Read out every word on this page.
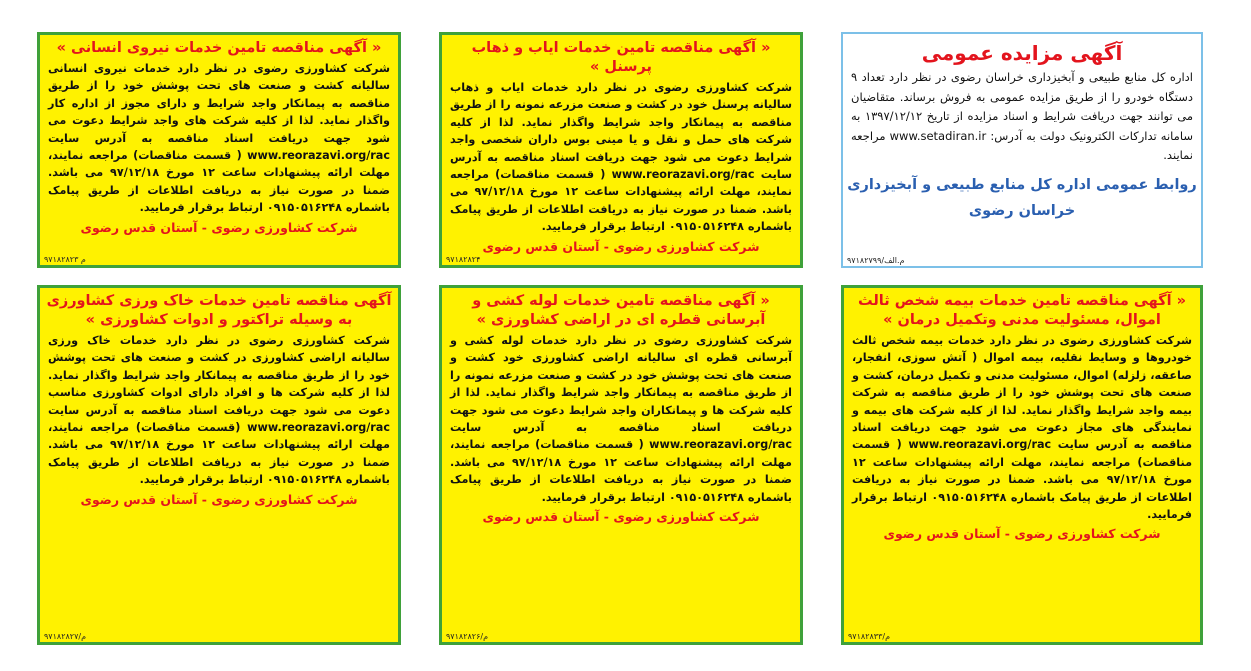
آگهی مزایده عمومی
اداره کل منابع طبیعی و آبخیزداری خراسان رضوی در نظر دارد تعداد ۹ دستگاه خودرو را از طریق مزایده عمومی به فروش برساند. متقاضیان می توانند جهت دریافت شرایط و اسناد مزایده از تاریخ ۱۳۹۷/۱۲/۱۲ به سامانه تدارکات الکترونیک دولت به آدرس: www.setadiran.ir مراجعه نمایند.
روابط عمومی اداره کل منابع طبیعی و آبخیزداری خراسان رضوی
۹۷۱۸۲۷۹۹/م.الف
« آگهی مناقصه تامین خدمات ایاب و ذهاب پرسنل »
شرکت کشاورزی رضوی در نظر دارد خدمات ایاب و ذهاب سالیانه پرسنل خود در کشت و صنعت مزرعه نمونه را از طریق مناقصه به پیمانکار واجد شرایط واگذار نماید. لذا از کلیه شرکت های حمل و نقل و یا مینی بوس داران شخصی واجد شرایط دعوت می شود جهت دریافت اسناد مناقصه به آدرس سایت www.reorazavi.org/rac ( قسمت مناقصات) مراجعه نمایند، مهلت ارائه پیشنهادات ساعت ۱۲ مورخ ۹۷/۱۲/۱۸ می باشد. ضمنا در صورت نیاز به دریافت اطلاعات از طریق پیامک باشماره ۰۹۱۵۰۵۱۶۲۴۸ ارتباط برقرار فرمایید.
شرکت کشاورزی رضوی - آستان قدس رضوی
۹۷۱۸۲۸۲۴
« آگهی مناقصه تامین خدمات نیروی انسانی »
شرکت کشاورزی رضوی در نظر دارد خدمات نیروی انسانی سالیانه کشت و صنعت های تحت پوشش خود را از طریق مناقصه به پیمانکار واجد شرایط و دارای مجوز از اداره کار واگذار نماید. لذا از کلیه شرکت های واجد شرایط دعوت می شود جهت دریافت اسناد مناقصه به آدرس سایت www.reorazavi.org/rac ( قسمت مناقصات) مراجعه نمایند، مهلت ارائه پیشنهادات ساعت ۱۲ مورخ ۹۷/۱۲/۱۸ می باشد. ضمنا در صورت نیاز به دریافت اطلاعات از طریق پیامک باشماره ۰۹۱۵۰۵۱۶۲۴۸ ارتباط برقرار فرمایید.
شرکت کشاورزی رضوی - آستان قدس رضوی
۹۷۱۸۲۸۲۳ م
« آگهی مناقصه تامین خدمات بیمه شخص ثالث اموال، مسئولیت مدنی وتکمیل درمان »
شرکت کشاورزی رضوی در نظر دارد خدمات بیمه شخص ثالث خودروها و وسایط نقلیه، بیمه اموال ( آتش سوزی، انفجار، صاعقه، زلزله) اموال، مسئولیت مدنی و تکمیل درمان، کشت و صنعت های تحت پوشش خود را از طریق مناقصه به شرکت بیمه واجد شرایط واگذار نماید. لذا از کلیه شرکت های بیمه و نمایندگی های مجاز دعوت می شود جهت دریافت اسناد مناقصه به آدرس سایت www.reorazavi.org/rac ( قسمت مناقصات) مراجعه نمایند، مهلت ارائه پیشنهادات ساعت ۱۲ مورخ ۹۷/۱۲/۱۸ می باشد. ضمنا در صورت نیاز به دریافت اطلاعات از طریق پیامک باشماره ۰۹۱۵۰۵۱۶۲۴۸ ارتباط برقرار فرمایید.
شرکت کشاورزی رضوی - آستان قدس رضوی
م/۹۷۱۸۲۸۳۳
« آگهی مناقصه تامین خدمات لوله کشی و آبرسانی قطره ای در اراضی کشاورزی »
شرکت کشاورزی رضوی در نظر دارد خدمات لوله کشی و آبرسانی قطره ای سالیانه اراضی کشاورزی خود کشت و صنعت های تحت پوشش خود در کشت و صنعت مزرعه نمونه را از طریق مناقصه به پیمانکار واجد شرایط واگذار نماید. لذا از کلیه شرکت ها و پیمانکاران واجد شرایط دعوت می شود جهت دریافت اسناد مناقصه به آدرس سایت www.reorazavi.org/rac ( قسمت مناقصات) مراجعه نمایند، مهلت ارائه پیشنهادات ساعت ۱۲ مورخ ۹۷/۱۲/۱۸ می باشد. ضمنا در صورت نیاز به دریافت اطلاعات از طریق پیامک باشماره ۰۹۱۵۰۵۱۶۲۴۸ ارتباط برقرار فرمایید.
شرکت کشاورزی رضوی - آستان قدس رضوی
م/۹۷۱۸۲۸۲۶
آگهی مناقصه تامین خدمات خاک ورزی کشاورزی به وسیله تراکتور و ادوات کشاورزی »
شرکت کشاورزی رضوی در نظر دارد خدمات خاک ورزی سالیانه اراضی کشاورزی در کشت و صنعت های تحت پوشش خود را از طریق مناقصه به پیمانکار واجد شرایط واگذار نماید. لذا از کلیه شرکت ها و افراد دارای ادوات کشاورزی مناسب دعوت می شود جهت دریافت اسناد مناقصه به آدرس سایت www.reorazavi.org/rac (قسمت مناقصات) مراجعه نمایند، مهلت ارائه پیشنهادات ساعت ۱۲ مورخ ۹۷/۱۲/۱۸ می باشد. ضمنا در صورت نیاز به دریافت اطلاعات از طریق پیامک باشماره ۰۹۱۵۰۵۱۶۲۴۸ ارتباط برقرار فرمایید.
شرکت کشاورزی رضوی - آستان قدس رضوی
م/۹۷۱۸۲۸۲۷
